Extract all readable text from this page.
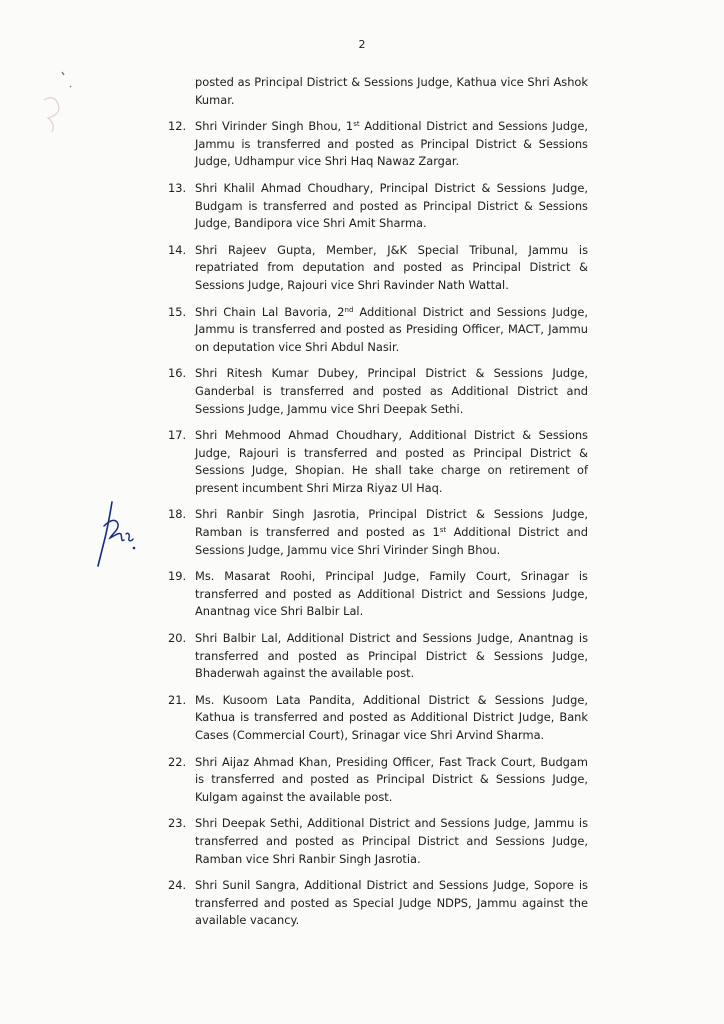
2
posted as Principal District & Sessions Judge, Kathua vice Shri Ashok Kumar.
12. Shri Virinder Singh Bhou, 1st Additional District and Sessions Judge, Jammu is transferred and posted as Principal District & Sessions Judge, Udhampur vice Shri Haq Nawaz Zargar.
13. Shri Khalil Ahmad Choudhary, Principal District & Sessions Judge, Budgam is transferred and posted as Principal District & Sessions Judge, Bandipora vice Shri Amit Sharma.
14. Shri Rajeev Gupta, Member, J&K Special Tribunal, Jammu is repatriated from deputation and posted as Principal District & Sessions Judge, Rajouri vice Shri Ravinder Nath Wattal.
15. Shri Chain Lal Bavoria, 2nd Additional District and Sessions Judge, Jammu is transferred and posted as Presiding Officer, MACT, Jammu on deputation vice Shri Abdul Nasir.
16. Shri Ritesh Kumar Dubey, Principal District & Sessions Judge, Ganderbal is transferred and posted as Additional District and Sessions Judge, Jammu vice Shri Deepak Sethi.
17. Shri Mehmood Ahmad Choudhary, Additional District & Sessions Judge, Rajouri is transferred and posted as Principal District & Sessions Judge, Shopian. He shall take charge on retirement of present incumbent Shri Mirza Riyaz Ul Haq.
18. Shri Ranbir Singh Jasrotia, Principal District & Sessions Judge, Ramban is transferred and posted as 1st Additional District and Sessions Judge, Jammu vice Shri Virinder Singh Bhou.
19. Ms. Masarat Roohi, Principal Judge, Family Court, Srinagar is transferred and posted as Additional District and Sessions Judge, Anantnag vice Shri Balbir Lal.
20. Shri Balbir Lal, Additional District and Sessions Judge, Anantnag is transferred and posted as Principal District & Sessions Judge, Bhaderwah against the available post.
21. Ms. Kusoom Lata Pandita, Additional District & Sessions Judge, Kathua is transferred and posted as Additional District Judge, Bank Cases (Commercial Court), Srinagar vice Shri Arvind Sharma.
22. Shri Aijaz Ahmad Khan, Presiding Officer, Fast Track Court, Budgam is transferred and posted as Principal District & Sessions Judge, Kulgam against the available post.
23. Shri Deepak Sethi, Additional District and Sessions Judge, Jammu is transferred and posted as Principal District and Sessions Judge, Ramban vice Shri Ranbir Singh Jasrotia.
24. Shri Sunil Sangra, Additional District and Sessions Judge, Sopore is transferred and posted as Special Judge NDPS, Jammu against the available vacancy.
